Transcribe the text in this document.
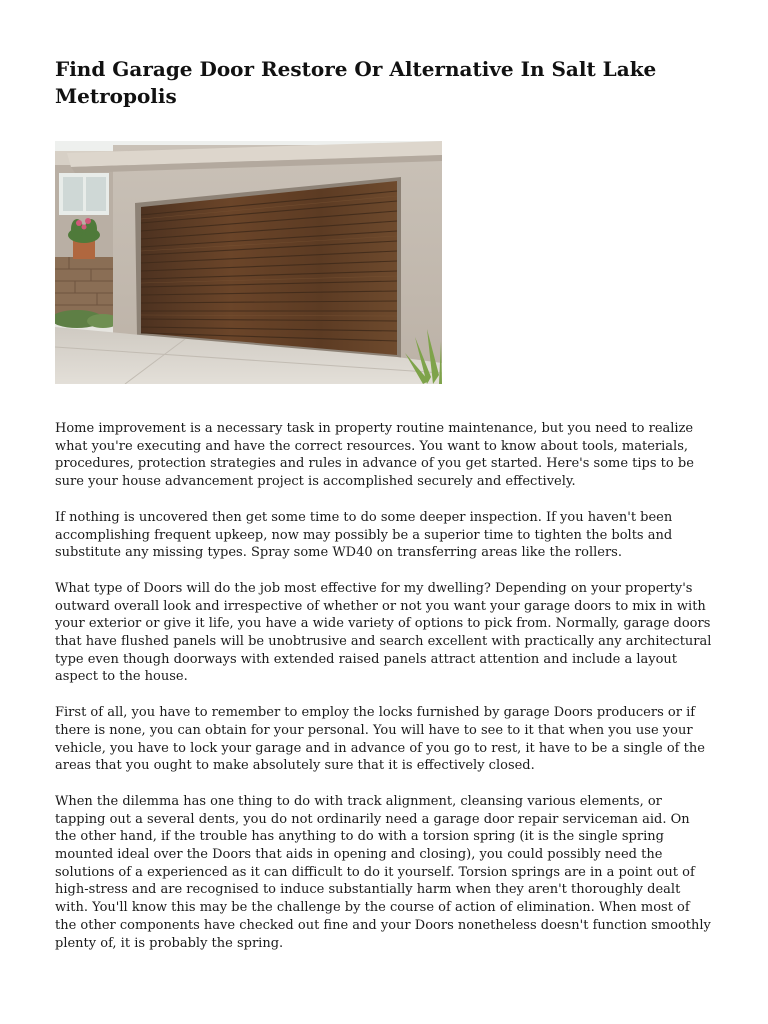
Find Garage Door Restore Or Alternative In Salt Lake Metropolis

Home improvement is a necessary task in property routine maintenance, but you need to realize what you're executing and have the correct resources. You want to know about tools, materials, procedures, protection strategies and rules in advance of you get started. Here's some tips to be sure your house advancement project is accomplished securely and effectively.

If nothing is uncovered then get some time to do some deeper inspection. If you haven't been accomplishing frequent upkeep, now may possibly be a superior time to tighten the bolts and substitute any missing types. Spray some WD40 on transferring areas like the rollers.

What type of Doors will do the job most effective for my dwelling? Depending on your property's outward overall look and irrespective of whether or not you want your garage doors to mix in with your exterior or give it life, you have a wide variety of options to pick from. Normally, garage doors that have flushed panels will be unobtrusive and search excellent with practically any architectural type even though doorways with extended raised panels attract attention and include a layout aspect to the house.

First of all, you have to remember to employ the locks furnished by garage Doors producers or if there is none, you can obtain for your personal. You will have to see to it that when you use your vehicle, you have to lock your garage and in advance of you go to rest, it have to be a single of the areas that you ought to make absolutely sure that it is effectively closed.

When the dilemma has one thing to do with track alignment, cleansing various elements, or tapping out a several dents, you do not ordinarily need a garage door repair serviceman aid. On the other hand, if the trouble has anything to do with a torsion spring (it is the single spring mounted ideal over the Doors that aids in opening and closing), you could possibly need the solutions of a experienced as it can difficult to do it yourself. Torsion springs are in a point out of high-stress and are recognised to induce substantially harm when they aren't thoroughly dealt with. You'll know this may be the challenge by the course of action of elimination. When most of the other components have checked out fine and your Doors nonetheless doesn't function smoothly plenty of, it is probably the spring.
